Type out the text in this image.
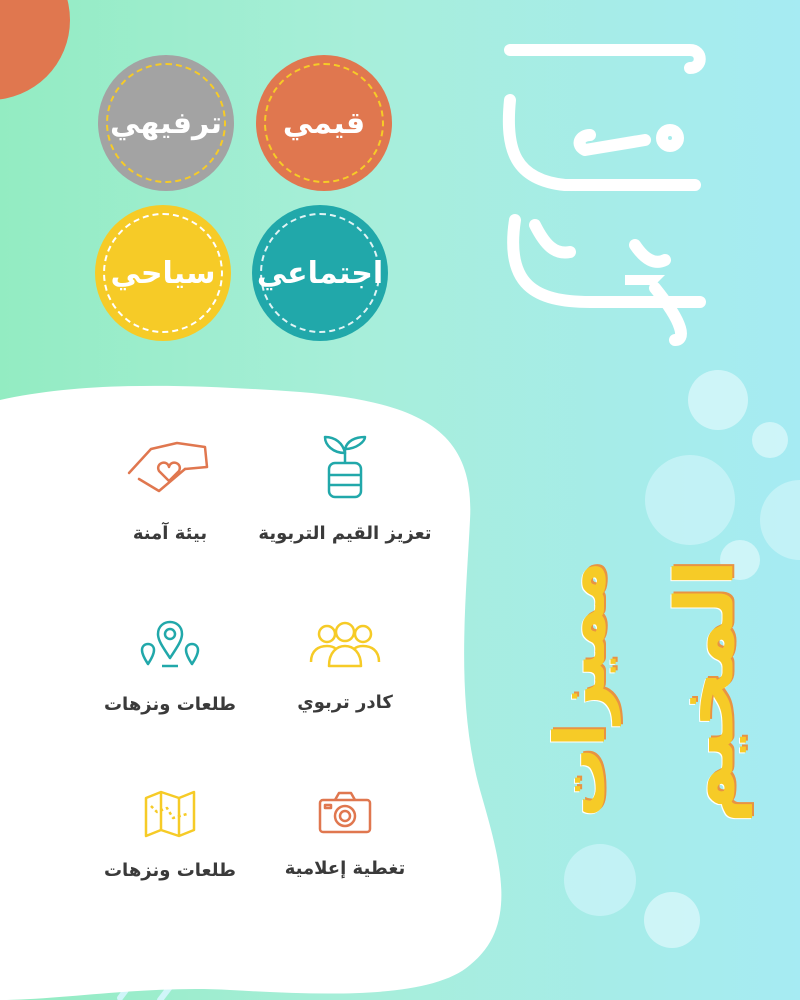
قيمي
ترفيهي
اجتماعي
سياحي
مميزات المخيم
تعزيز القيم التربوية
بيئة آمنة
كادر تربوي
طلعات ونزهات
تغطية إعلامية
طلعات ونزهات
